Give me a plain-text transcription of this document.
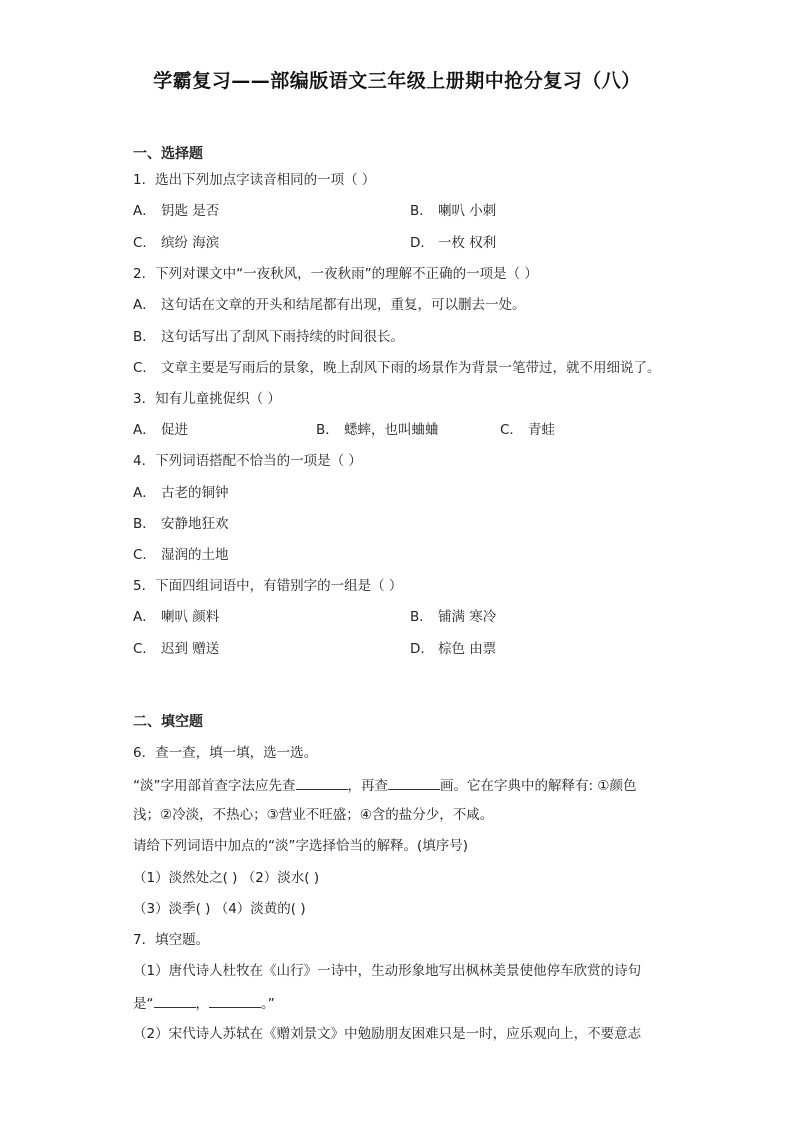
学霸复习——部编版语文三年级上册期中抢分复习（八）
一、选择题
1．选出下列加点字读音相同的一项（ ）
A． 钥匙 是否	B． 喇叭 小刺
C． 缤纷 海滨	D． 一枚 权利
2．下列对课文中“一夜秋风，一夜秋雨”的理解不正确的一项是（ ）
A． 这句话在文章的开头和结尾都有出现，重复，可以删去一处。
B． 这句话写出了刮风下雨持续的时间很长。
C． 文章主要是写雨后的景象，晚上刮风下雨的场景作为背景一笔带过，就不用细说了。
3．知有儿童挑促织（ ）
A． 促进	B． 蟋蟀，也叫蛐蛐	C． 青蛙
4．下列词语搭配不恰当的一项是（ ）
A． 古老的铜钟
B． 安静地狂欢
C． 湿润的土地
5．下面四组词语中，有错别字的一组是（ ）
A． 喇叭 颜料	B． 铺满 寒冷
C． 迟到 赠送	D． 棕色 由票
二、填空题
6．查一查，填一填，选一选。
“淡”字用部首查字法应先查	，再查	画。它在字典中的解释有: ①颜色
浅；②冷淡，不热心；③营业不旺盛；④含的盐分少，不咸。
请给下列词语中加点的“淡”字选择恰当的解释。(填序号)
（1）淡然处之( ) （2）淡水( )
（3）淡季( ) （4）淡黄的( )
7．填空题。
（1）唐代诗人杜牧在《山行》一诗中，生动形象地写出枫林美景使他停车欣赏的诗句
是“	，	。”
（2）宋代诗人苏轼在《赠刘景文》中勉励朋友困难只是一时，应乐观向上，不要意志
